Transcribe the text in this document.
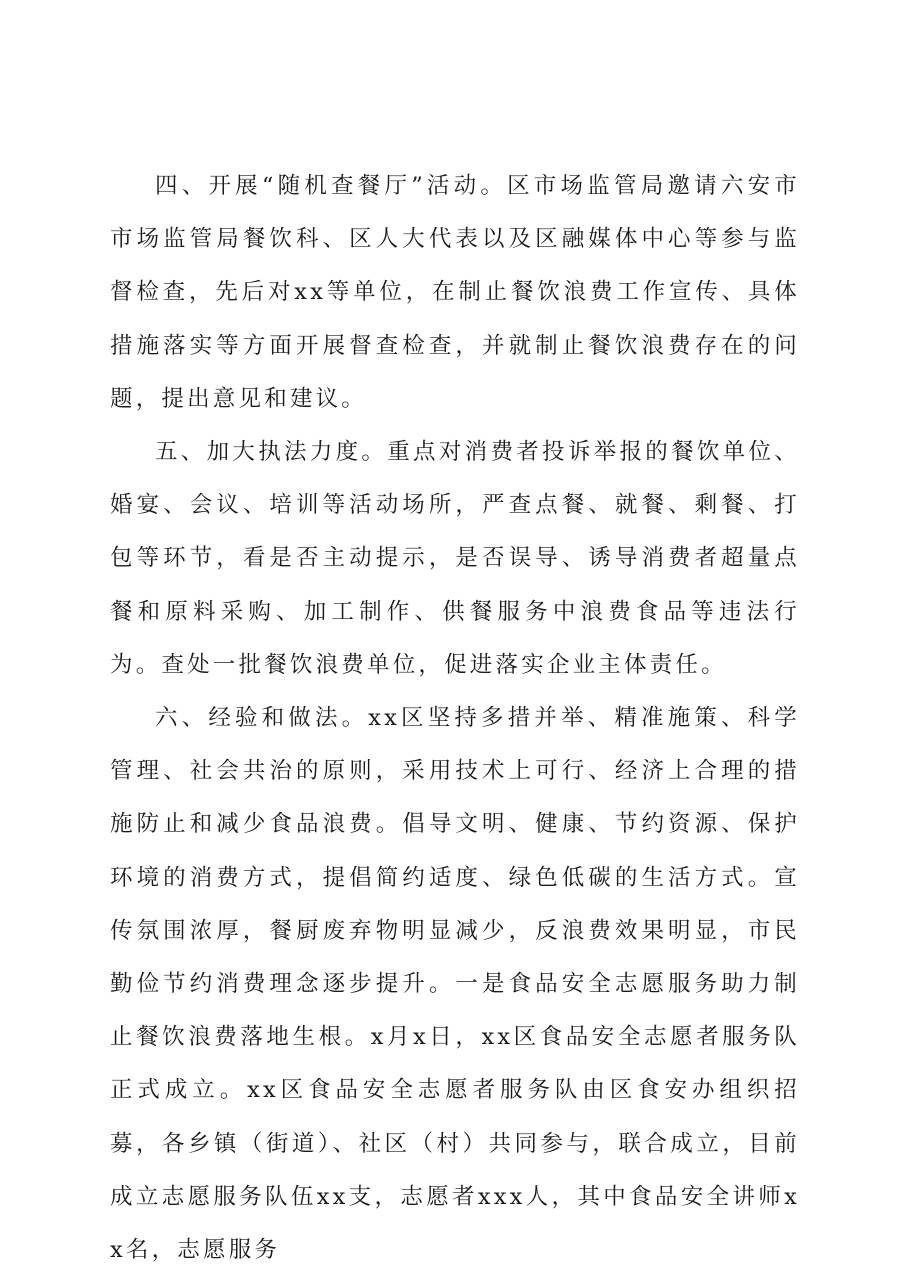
四、开展“随机查餐厅”活动。区市场监管局邀请六安市市场监管局餐饮科、区人大代表以及区融媒体中心等参与监督检查，先后对xx等单位，在制止餐饮浪费工作宣传、具体措施落实等方面开展督查检查，并就制止餐饮浪费存在的问题，提出意见和建议。

五、加大执法力度。重点对消费者投诉举报的餐饮单位、婚宴、会议、培训等活动场所，严查点餐、就餐、剩餐、打包等环节，看是否主动提示，是否误导、诱导消费者超量点餐和原料采购、加工制作、供餐服务中浪费食品等违法行为。查处一批餐饮浪费单位，促进落实企业主体责任。

六、经验和做法。xx区坚持多措并举、精准施策、科学管理、社会共治的原则，采用技术上可行、经济上合理的措施防止和减少食品浪费。倡导文明、健康、节约资源、保护环境的消费方式，提倡简约适度、绿色低碳的生活方式。宣传氛围浓厚，餐厨废弃物明显减少，反浪费效果明显，市民勤俭节约消费理念逐步提升。一是食品安全志愿服务助力制止餐饮浪费落地生根。x月x日，xx区食品安全志愿者服务队正式成立。xx区食品安全志愿者服务队由区食安办组织招募，各乡镇（街道）、社区（村）共同参与，联合成立，目前成立志愿服务队伍xx支，志愿者xxx人，其中食品安全讲师xx名，志愿服务
